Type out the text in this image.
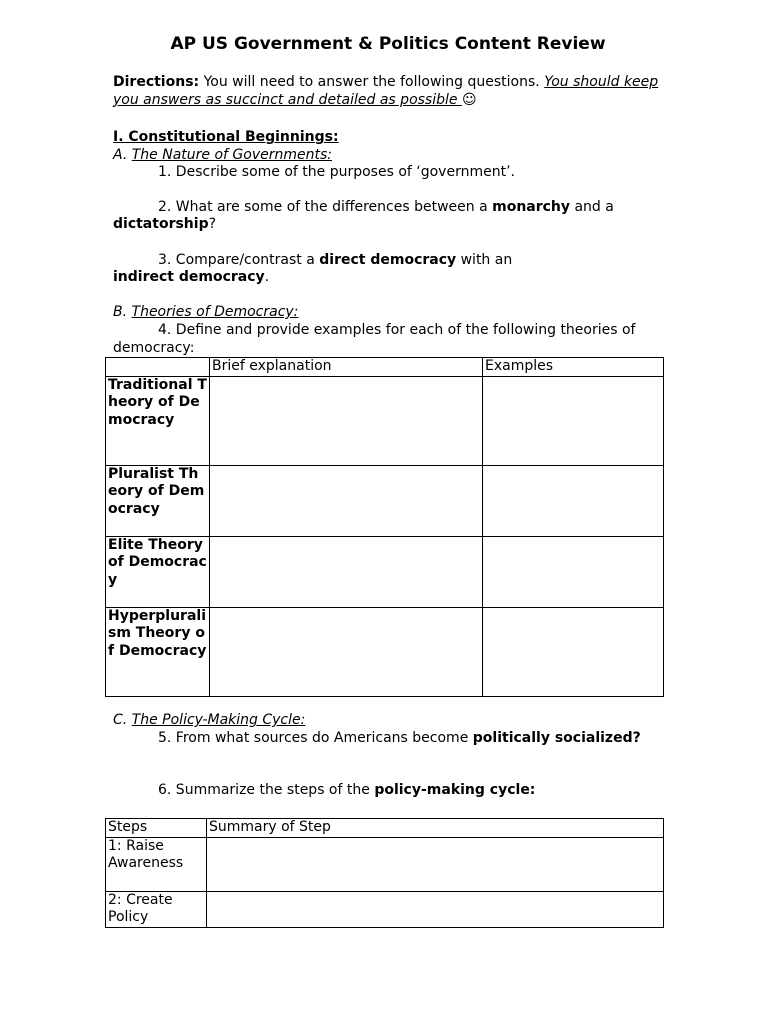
AP US Government & Politics Content Review
Directions: You will need to answer the following questions. You should keep you answers as succinct and detailed as possible ☺
I. Constitutional Beginnings:
A. The Nature of Governments:
1. Describe some of the purposes of ‘government’.
2. What are some of the differences between a monarchy and a
dictatorship?
3. Compare/contrast a direct democracy with an
indirect democracy.
B. Theories of Democracy:
4. Define and provide examples for each of the following theories of democracy:
	Brief explanation	Examples
Traditional Theory of Democracy		
Pluralist Theory of Democracy		
Elite Theory of Democracy		
Hyperpluralism Theory of Democracy		
C. The Policy-Making Cycle:
5. From what sources do Americans become politically socialized?
6. Summarize the steps of the policy-making cycle:
Steps	Summary of Step
1: Raise Awareness	
2: Create Policy	
